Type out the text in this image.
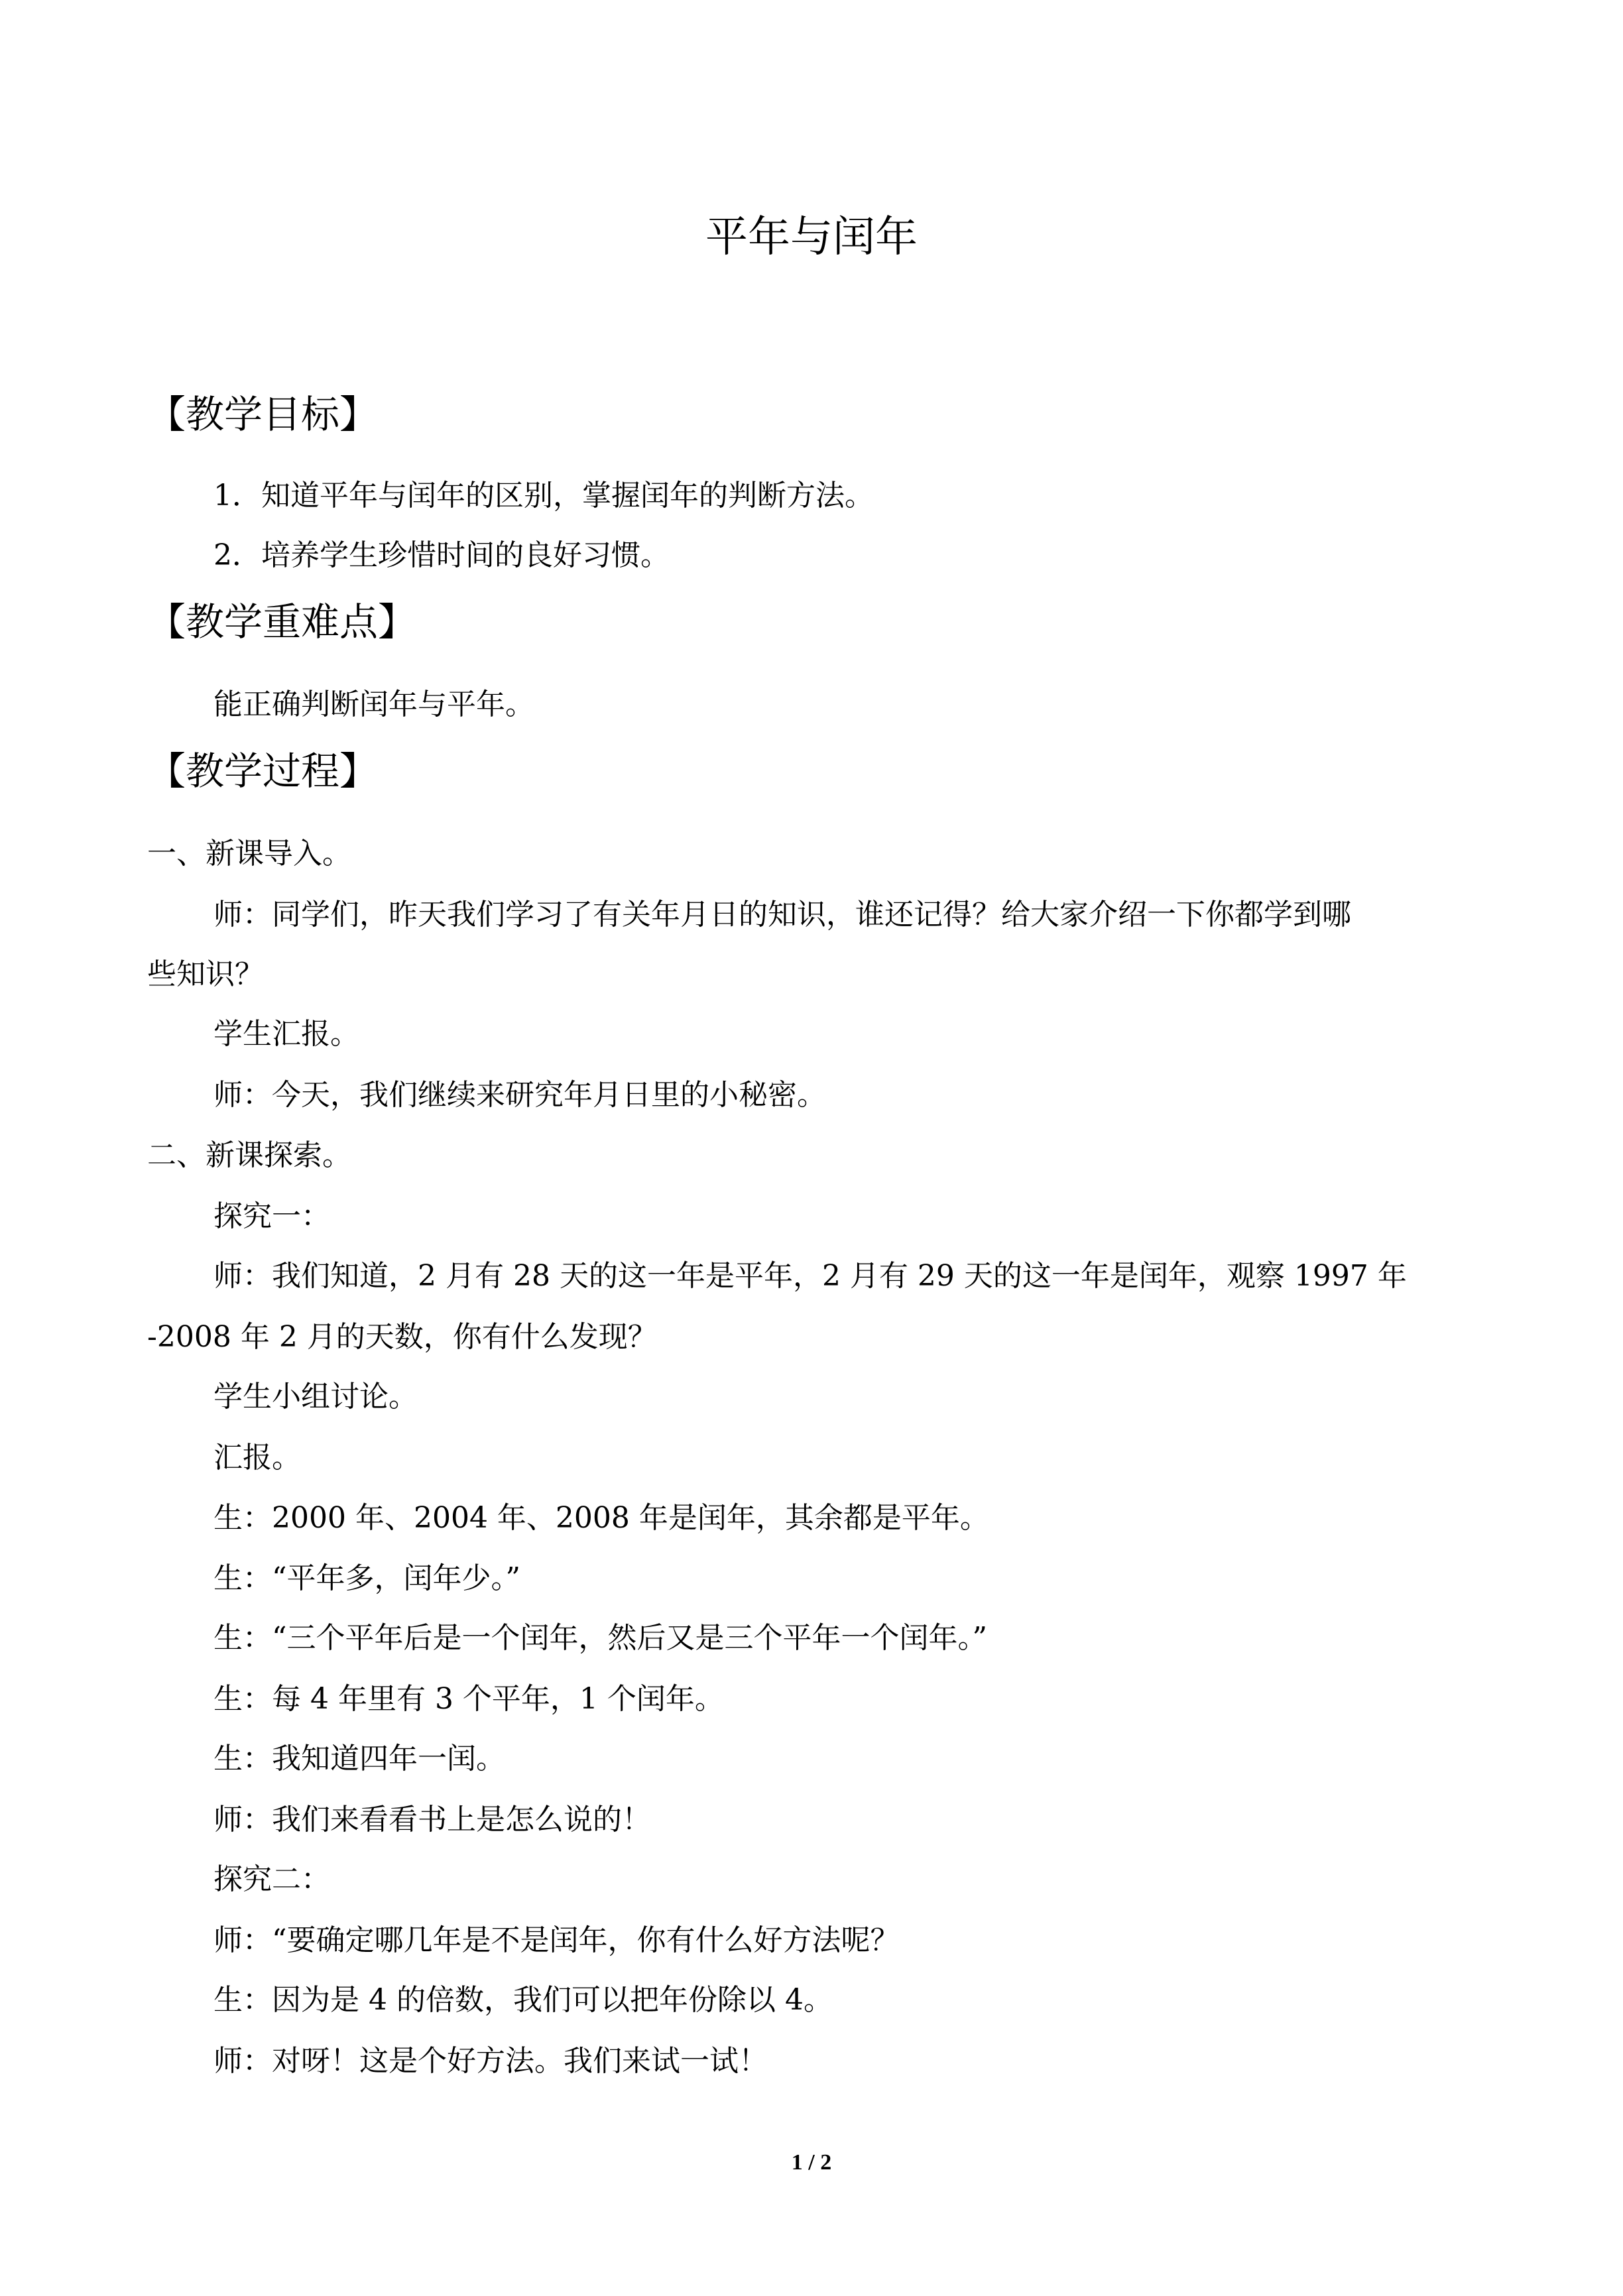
平年与闰年
【教学目标】
1．知道平年与闰年的区别，掌握闰年的判断方法。
2．培养学生珍惜时间的良好习惯。
【教学重难点】
能正确判断闰年与平年。
【教学过程】
一、新课导入。
师：同学们，昨天我们学习了有关年月日的知识，谁还记得？给大家介绍一下你都学到哪
些知识？
学生汇报。
师：今天，我们继续来研究年月日里的小秘密。
二、新课探索。
探究一：
师：我们知道，2 月有 28 天的这一年是平年，2 月有 29 天的这一年是闰年，观察 1997 年
-2008 年 2 月的天数，你有什么发现？
学生小组讨论。
汇报。
生：2000 年、2004 年、2008 年是闰年，其余都是平年。
生：“平年多，闰年少。”
生：“三个平年后是一个闰年，然后又是三个平年一个闰年。”
生：每 4 年里有 3 个平年，1 个闰年。
生：我知道四年一闰。
师：我们来看看书上是怎么说的！
探究二：
师：“要确定哪几年是不是闰年，你有什么好方法呢？
生：因为是 4 的倍数，我们可以把年份除以 4。
师：对呀！这是个好方法。我们来试一试！
1 / 2
